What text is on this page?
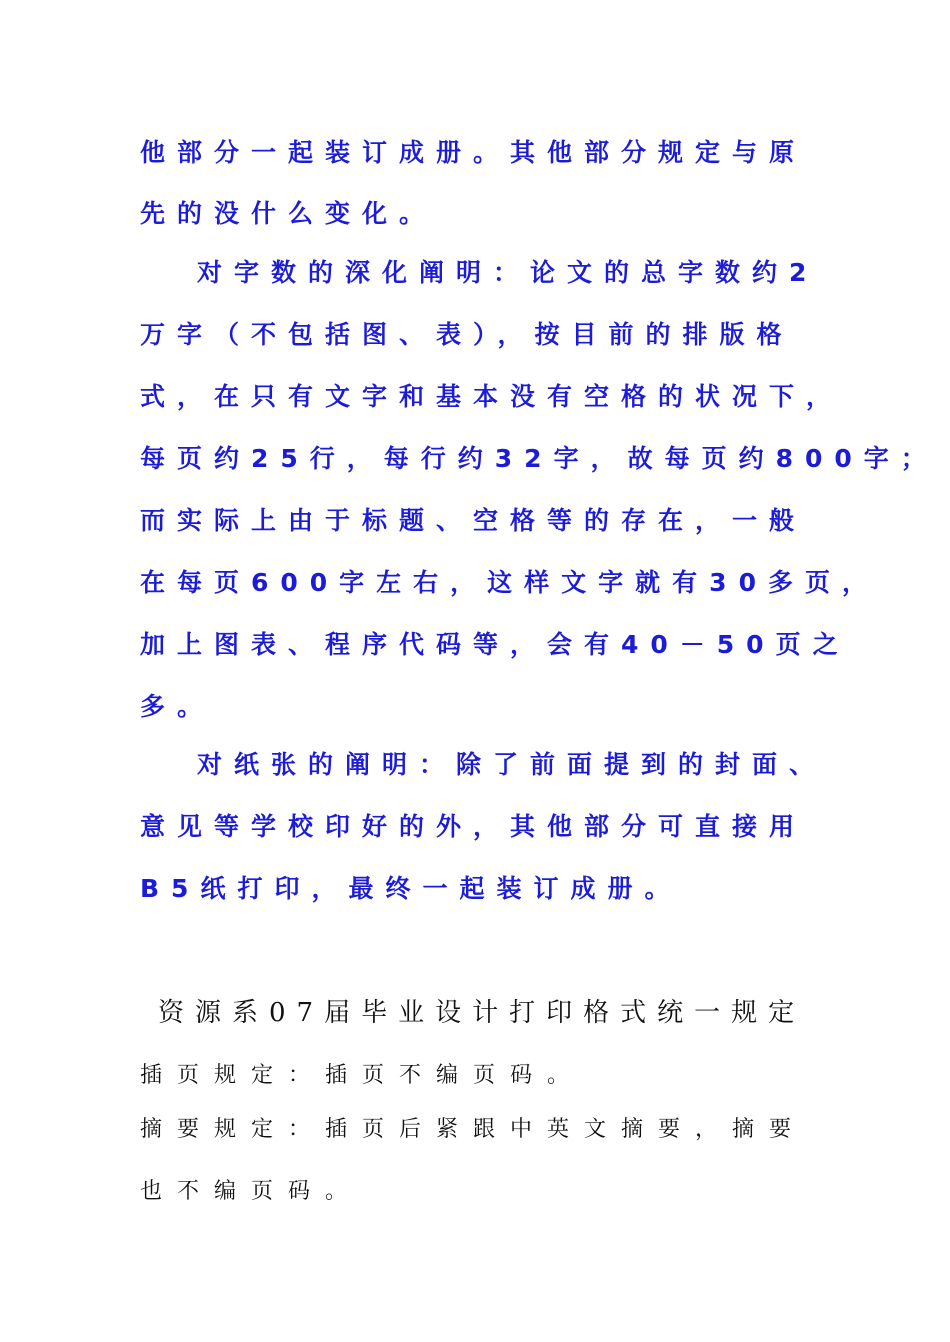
他部分一起装订成册。其他部分规定与原
先的没什么变化。
对字数的深化阐明：论文的总字数约2
万字（不包括图、表），按目前的排版格
式，在只有文字和基本没有空格的状况下，
每页约25行，每行约32字，故每页约800字；
而实际上由于标题、空格等的存在，一般
在每页600字左右，这样文字就有30多页，
加上图表、程序代码等，会有40－50页之
多。
对纸张的阐明：除了前面提到的封面、
意见等学校印好的外，其他部分可直接用
B5纸打印，最终一起装订成册。
资源系07届毕业设计打印格式统一规定
插页规定：插页不编页码。
摘要规定：插页后紧跟中英文摘要，摘要
也不编页码。
